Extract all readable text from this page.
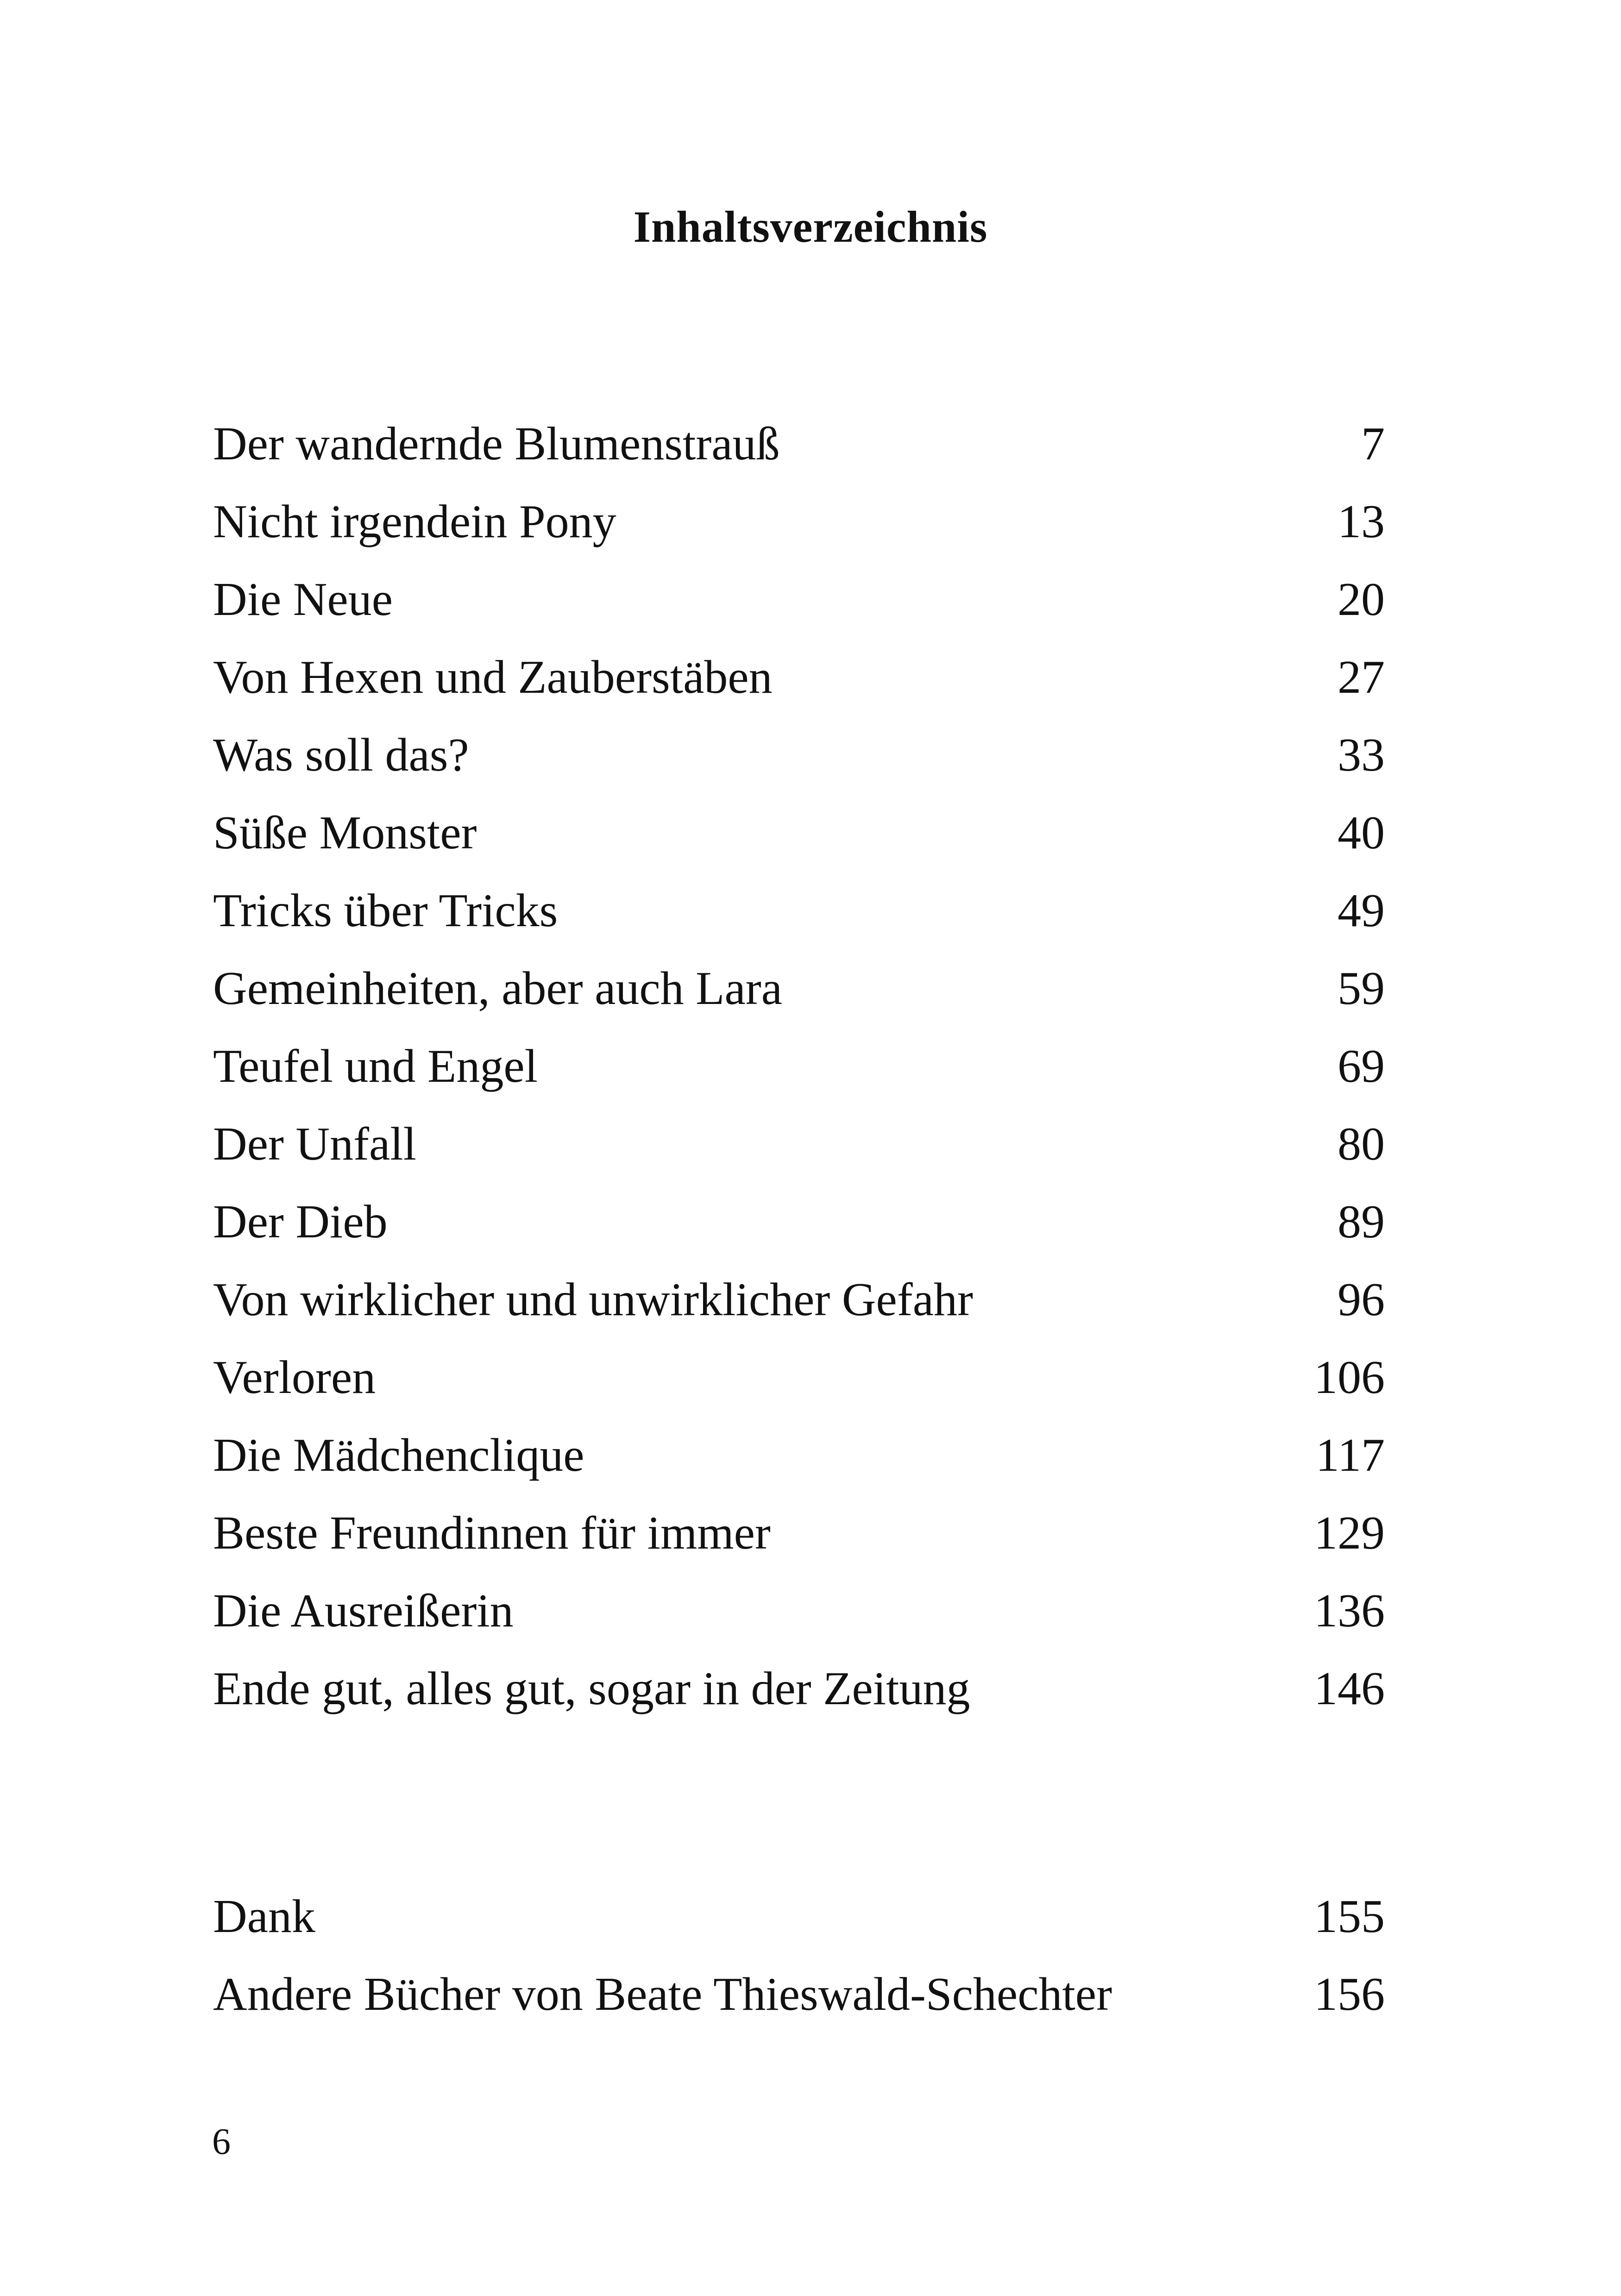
Inhaltsverzeichnis
Der wandernde Blumenstrauß	7
Nicht irgendein Pony	13
Die Neue	20
Von Hexen und Zauberstäben	27
Was soll das?	33
Süße Monster	40
Tricks über Tricks	49
Gemeinheiten, aber auch Lara	59
Teufel und Engel	69
Der Unfall	80
Der Dieb	89
Von wirklicher und unwirklicher Gefahr	96
Verloren	106
Die Mädchenclique	117
Beste Freundinnen für immer	129
Die Ausreißerin	136
Ende gut, alles gut, sogar in der Zeitung	146
Dank	155
Andere Bücher von Beate Thieswald-Schechter	156
6
